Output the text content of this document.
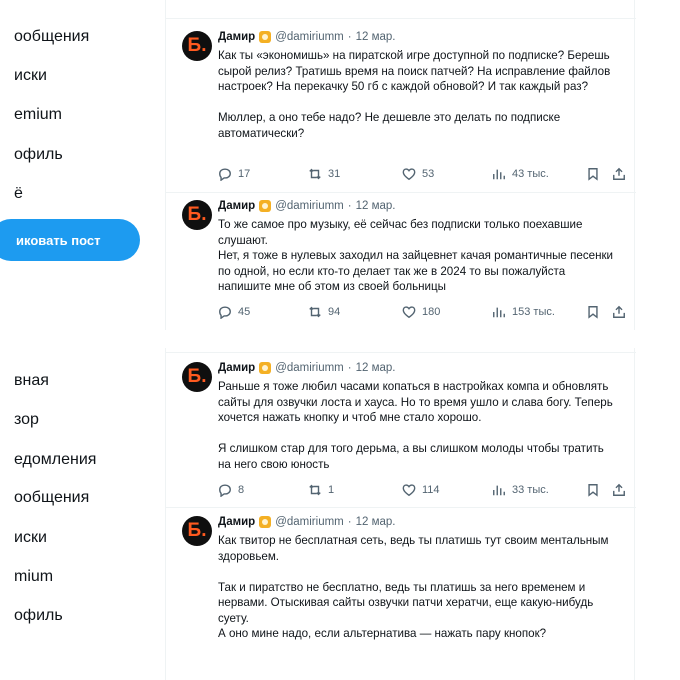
ообщения
иски
emium
офиль
ё
иковать пост
Б. Дамир @damiriumm · 12 мар.

Как ты «экономишь» на пиратской игре доступной по подписке? Берешь сырой релиз? Тратишь время на поиск патчей? На исправление файлов настроек? На перекачку 50 гб с каждой обновой? И так каждый раз?

Мюллер, а оно тебе надо? Не дешевле это делать по подписке автоматически?

17	31	53	43 тыс.
Б. Дамир @damiriumm · 12 мар.

То же самое про музыку, её сейчас без подписки только поехавшие слушают.

Нет, я тоже в нулевых заходил на зайцевнет качая романтичные песенки по одной, но если кто-то делает так же в 2024 то вы пожалуйста напишите мне об этом из своей больницы

45	94	180	153 тыс.
вная
зор
едомления
ообщения
иски
mium
офиль
Б. Дамир @damiriumm · 12 мар.

Раньше я тоже любил часами копаться в настройках компа и обновлять сайты для озвучки лоста и хауса. Но то время ушло и слава богу. Теперь хочется нажать кнопку и чтоб мне стало хорошо.

Я слишком стар для того дерьма, а вы слишком молоды чтобы тратить на него свою юность

8	1	114	33 тыс.
Б. Дамир @damiriumm · 12 мар.

Как твитор не бесплатная сеть, ведь ты платишь тут своим ментальным здоровьем.

Так и пиратство не бесплатно, ведь ты платишь за него временем и нервами. Отыскивая сайты озвучки патчи хератчи, еще какую-нибудь суету.

А оно мине надо, если альтернатива — нажать пару кнопок?
